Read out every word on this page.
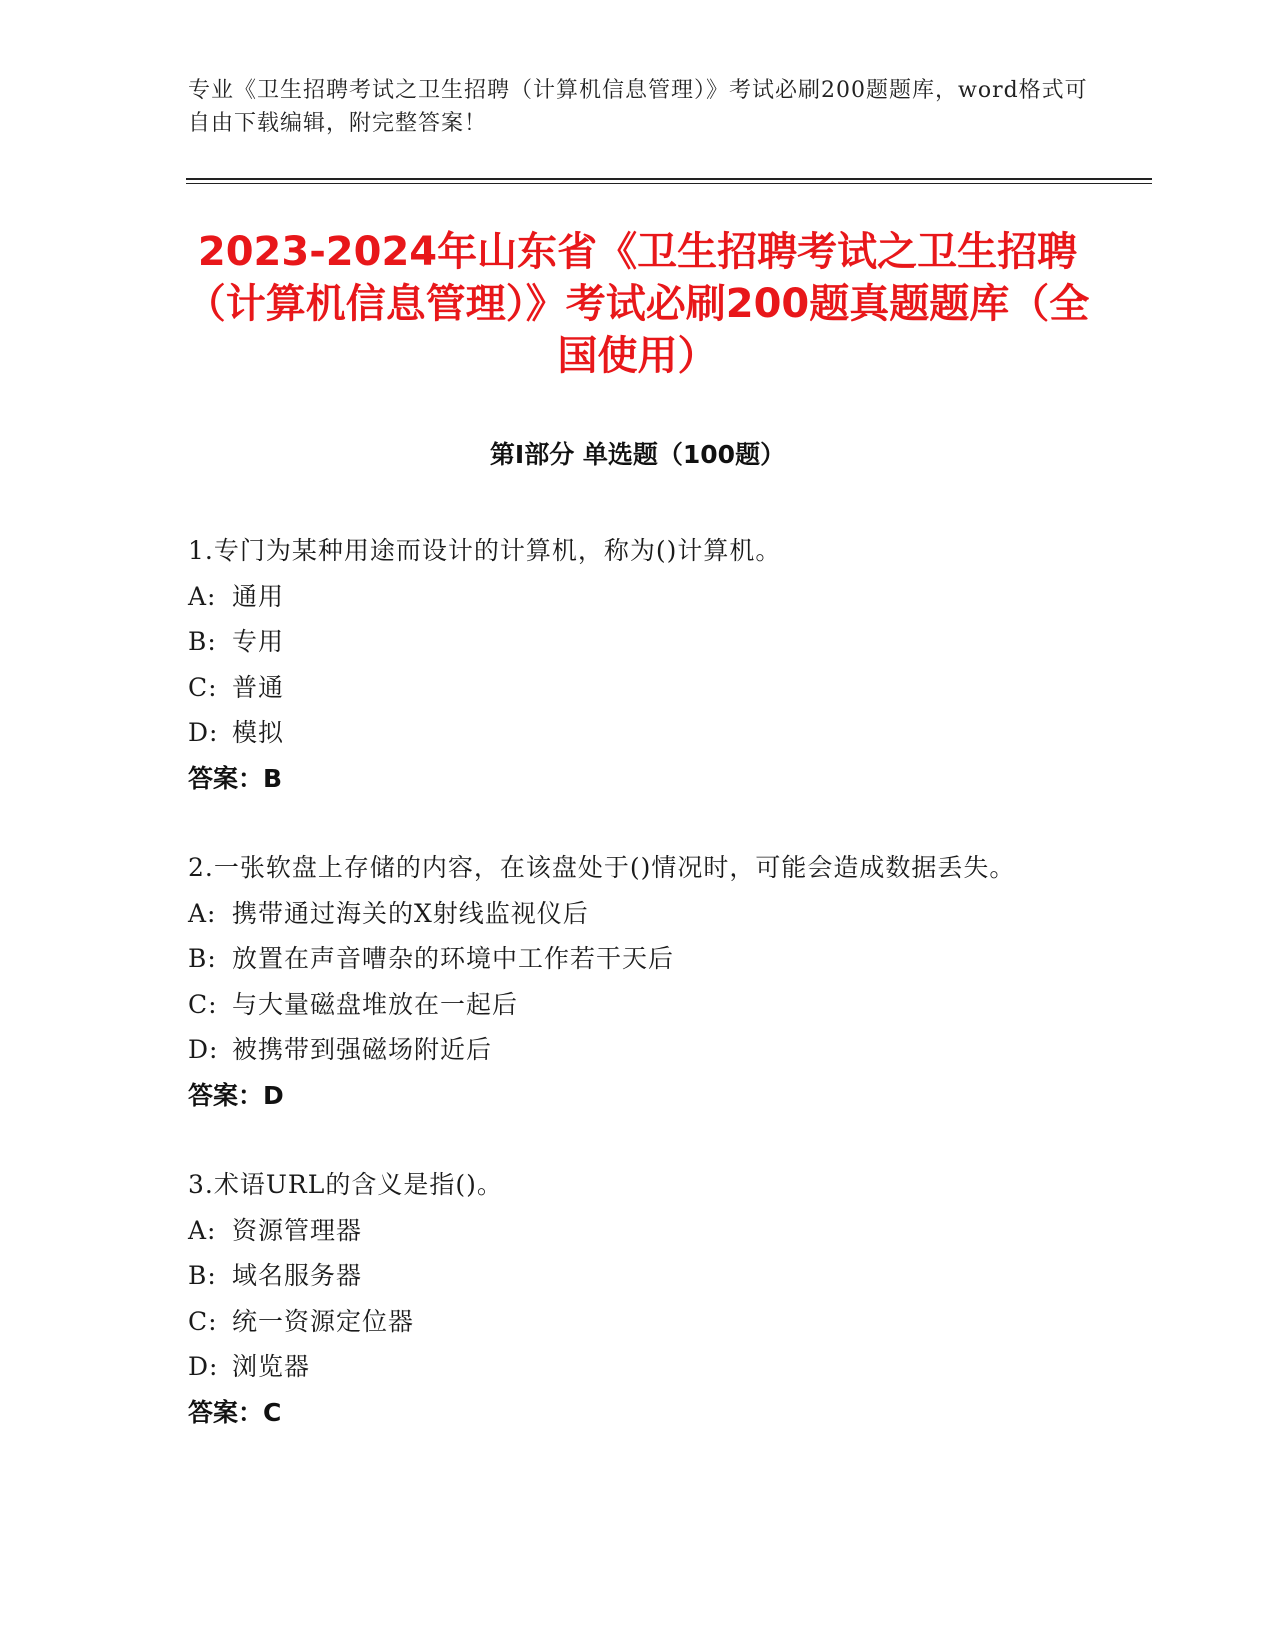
专业《卫生招聘考试之卫生招聘（计算机信息管理）》考试必刷200题题库，word格式可自由下载编辑，附完整答案！
2023-2024年山东省《卫生招聘考试之卫生招聘（计算机信息管理）》考试必刷200题真题题库（全国使用）
第Ⅰ部分 单选题（100题）
1.专门为某种用途而设计的计算机，称为()计算机。
A: 通用
B: 专用
C: 普通
D: 模拟
答案：B
2.一张软盘上存储的内容，在该盘处于()情况时，可能会造成数据丢失。
A: 携带通过海关的X射线监视仪后
B: 放置在声音嘈杂的环境中工作若干天后
C: 与大量磁盘堆放在一起后
D: 被携带到强磁场附近后
答案：D
3.术语URL的含义是指()。
A: 资源管理器
B: 域名服务器
C: 统一资源定位器
D: 浏览器
答案：C
